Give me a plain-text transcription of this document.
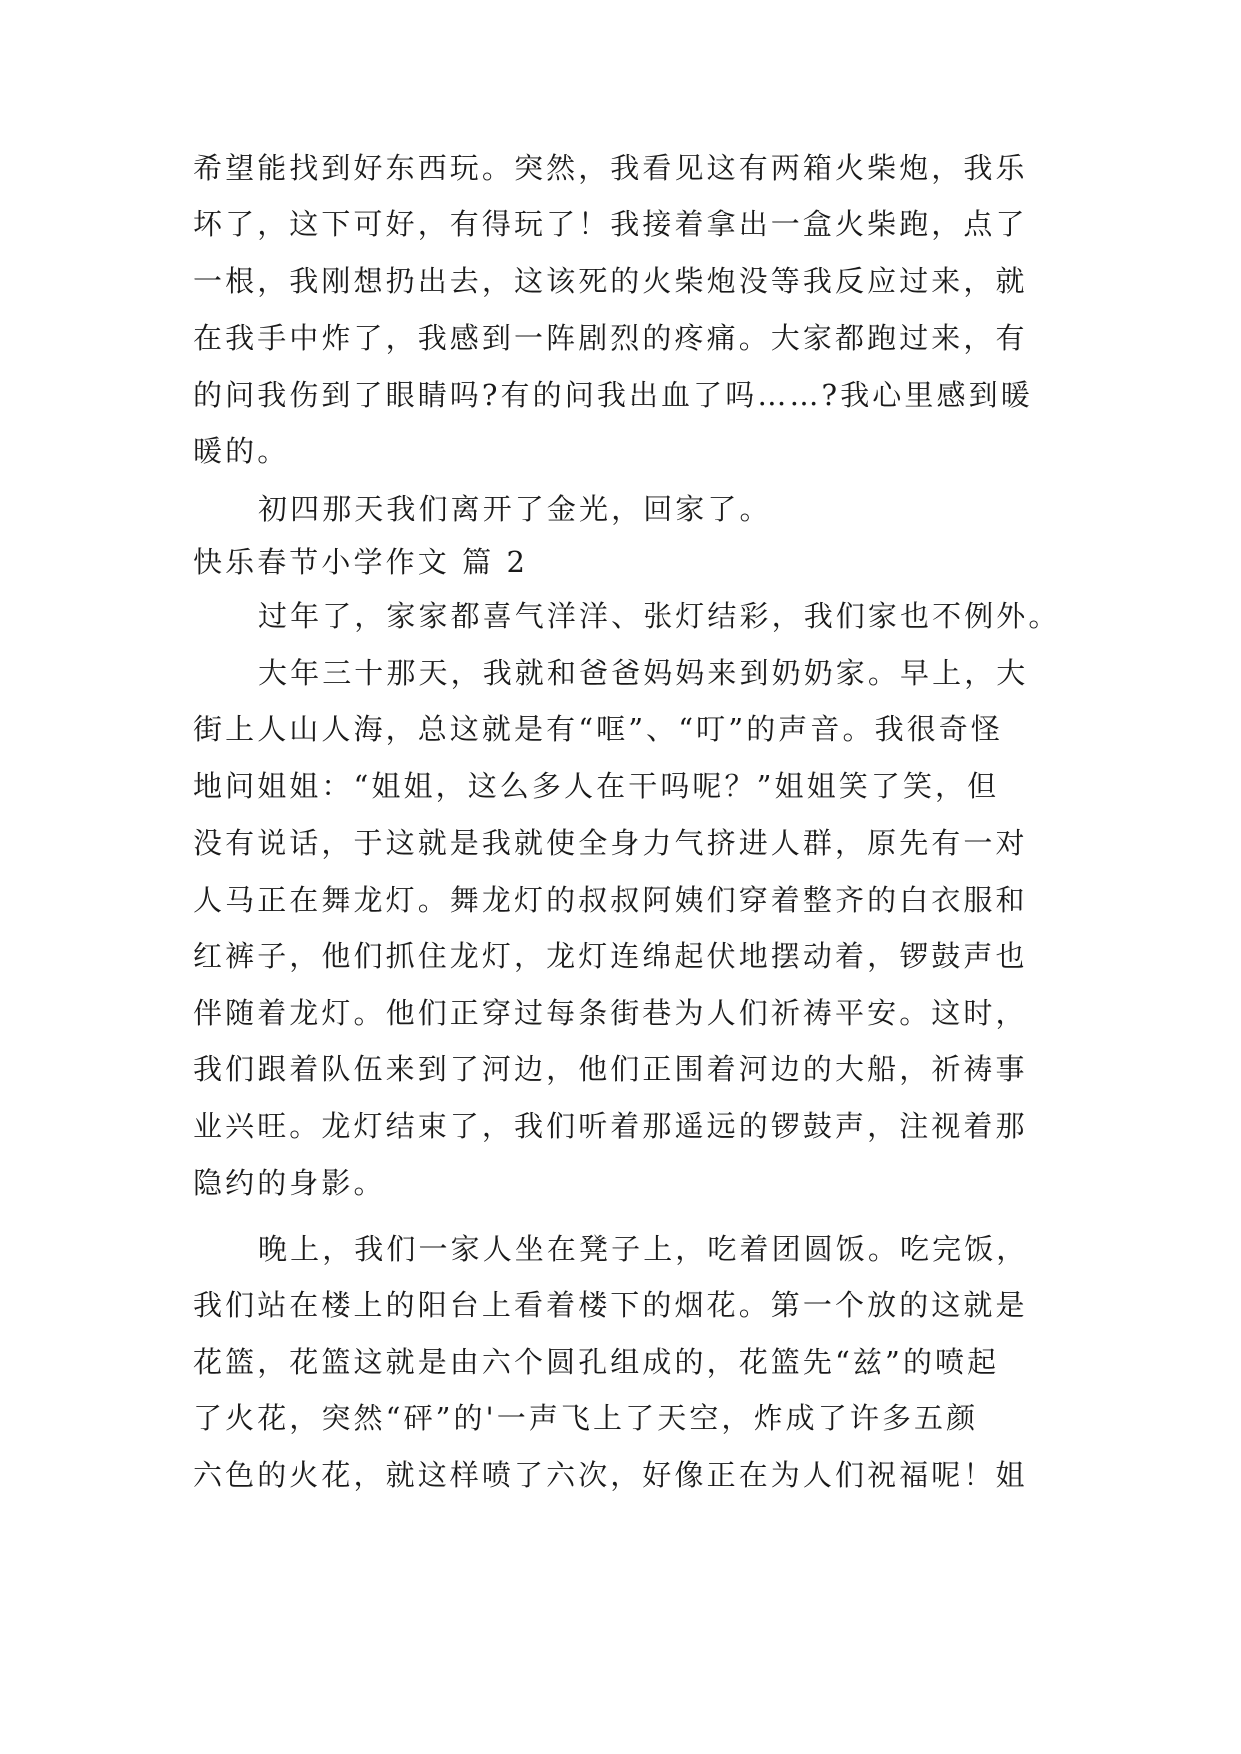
希望能找到好东西玩。突然，我看见这有两箱火柴炮，我乐
坏了，这下可好，有得玩了！我接着拿出一盒火柴跑，点了
一根，我刚想扔出去，这该死的火柴炮没等我反应过来，就
在我手中炸了，我感到一阵剧烈的疼痛。大家都跑过来，有
的问我伤到了眼睛吗?有的问我出血了吗……?我心里感到暖
暖的。
初四那天我们离开了金光，回家了。
快乐春节小学作文 篇 2
过年了，家家都喜气洋洋、张灯结彩，我们家也不例外。
大年三十那天，我就和爸爸妈妈来到奶奶家。早上，大
街上人山人海，总这就是有“哐”、“叮”的声音。我很奇怪
地问姐姐：“姐姐，这么多人在干吗呢？”姐姐笑了笑，但
没有说话，于这就是我就使全身力气挤进人群，原先有一对
人马正在舞龙灯。舞龙灯的叔叔阿姨们穿着整齐的白衣服和
红裤子，他们抓住龙灯，龙灯连绵起伏地摆动着，锣鼓声也
伴随着龙灯。他们正穿过每条街巷为人们祈祷平安。这时，
我们跟着队伍来到了河边，他们正围着河边的大船，祈祷事
业兴旺。龙灯结束了，我们听着那遥远的锣鼓声，注视着那
隐约的身影。
晚上，我们一家人坐在凳子上，吃着团圆饭。吃完饭，
我们站在楼上的阳台上看着楼下的烟花。第一个放的这就是
花篮，花篮这就是由六个圆孔组成的，花篮先“兹”的喷起
了火花，突然“砰”的'一声飞上了天空，炸成了许多五颜
六色的火花，就这样喷了六次，好像正在为人们祝福呢！姐
